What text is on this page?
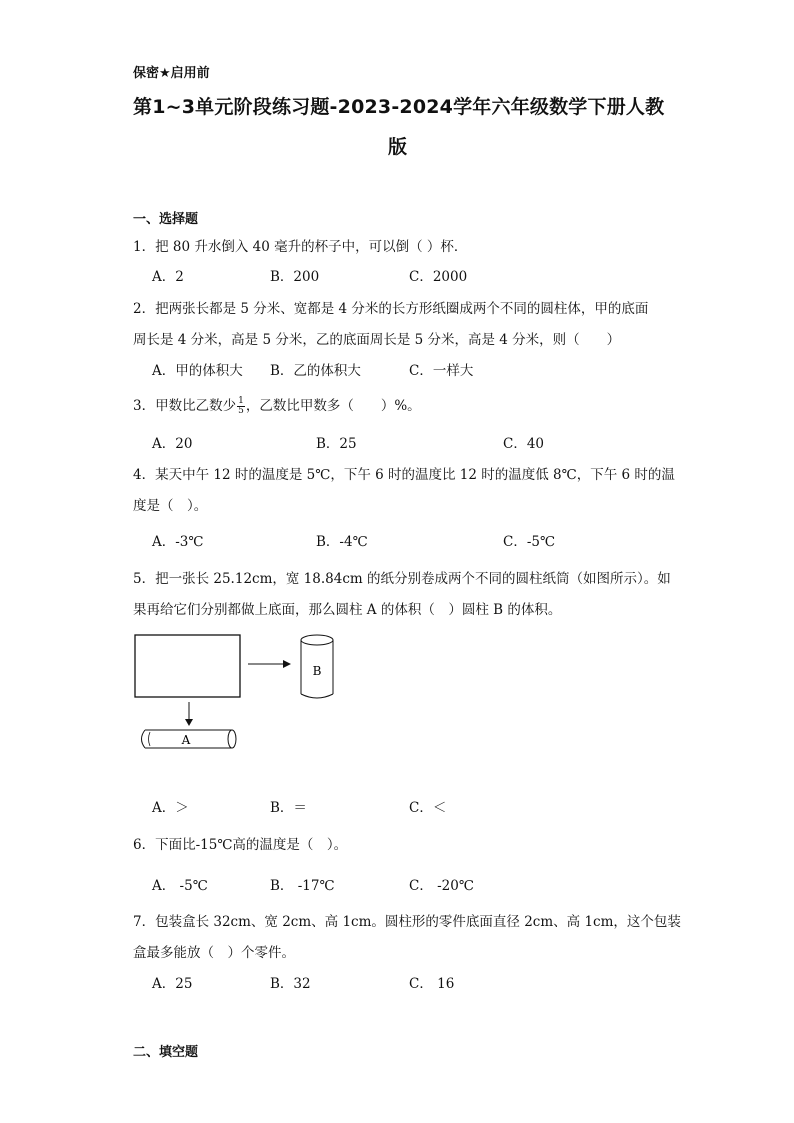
保密★启用前
第1~3单元阶段练习题-2023-2024学年六年级数学下册人教
版
一、选择题
1．把 80 升水倒入 40 毫升的杯子中，可以倒（ ）杯．
A．2	B．200	C．2000
2．把两张长都是 5 分米、宽都是 4 分米的长方形纸圈成两个不同的圆柱体，甲的底面
周长是 4 分米，高是 5 分米，乙的底面周长是 5 分米，高是 4 分米，则（　　）
A．甲的体积大 B．乙的体积大	C．一样大
3．甲数比乙数少 $\frac{1}{5}$ ，乙数比甲数多（　　）%。
A．20	B．25	C．40
4．某天中午 12 时的温度是 5℃，下午 6 时的温度比 12 时的温度低 8℃，下午 6 时的温
度是（　）。
A．-3℃	B．-4℃	C．-5℃
5．把一张长 25.12cm，宽 18.84cm 的纸分别卷成两个不同的圆柱纸筒（如图所示）。如
果再给它们分别都做上底面，那么圆柱 A 的体积（　）圆柱 B 的体积。
A
B
A．＞	B．＝	C．＜
6．下面比-15℃高的温度是（　）。
A． -5℃	B． -17℃	C． -20℃
7．包装盒长 32cm、宽 2cm、高 1cm。圆柱形的零件底面直径 2cm、高 1cm，这个包装
盒最多能放（　）个零件。
A．25	B．32	C． 16
二、填空题
